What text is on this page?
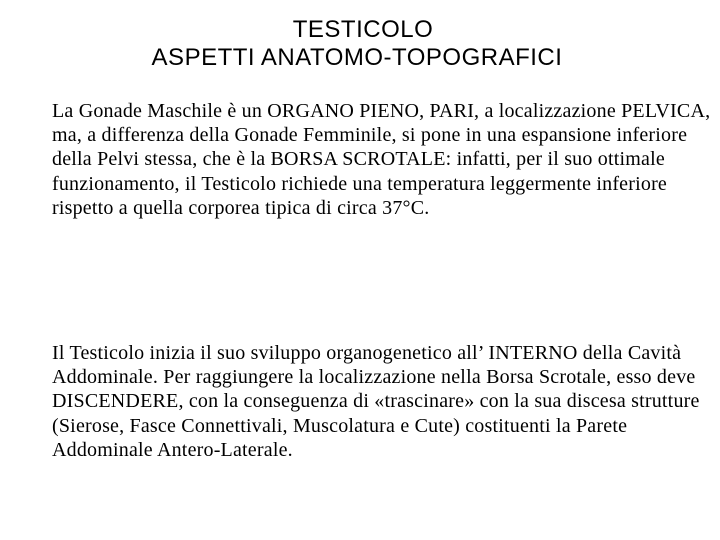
TESTICOLO
ASPETTI ANATOMO-TOPOGRAFICI

La Gonade Maschile è un ORGANO PIENO, PARI, a localizzazione PELVICA, ma, a differenza della Gonade Femminile, si pone in una espansione inferiore della Pelvi stessa, che è la BORSA SCROTALE: infatti, per il suo ottimale funzionamento, il Testicolo richiede una temperatura leggermente inferiore rispetto a quella corporea tipica di circa 37°C.

Il Testicolo inizia il suo sviluppo organogenetico all’ INTERNO della Cavità Addominale. Per raggiungere la localizzazione nella Borsa Scrotale, esso deve DISCENDERE, con la conseguenza di «trascinare» con la sua discesa strutture (Sierose, Fasce Connettivali, Muscolatura e Cute) costituenti la Parete Addominale Antero-Laterale.
